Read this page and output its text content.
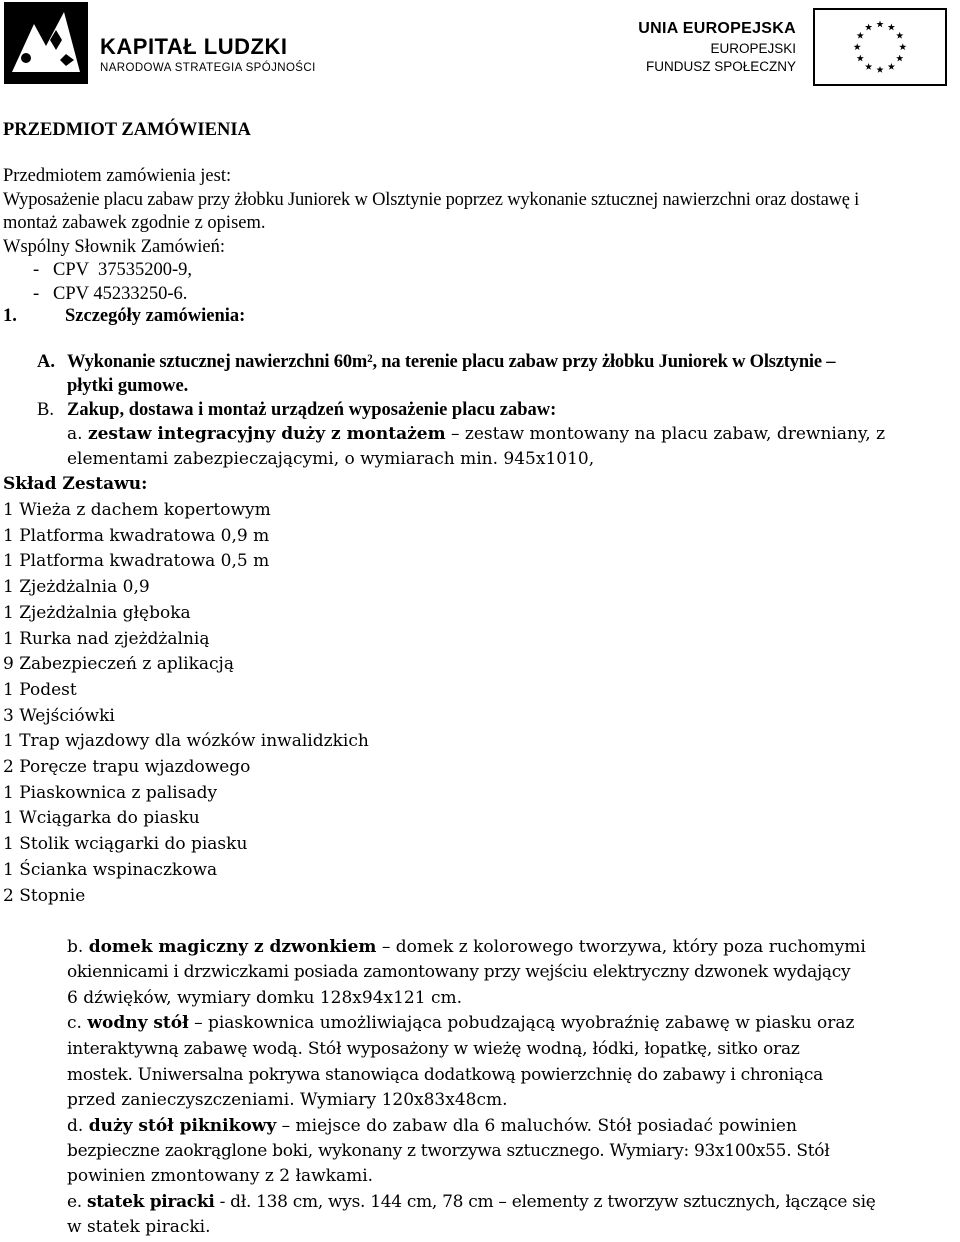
KAPITAŁ LUDZKI
NARODOWA STRATEGIA SPÓJNOŚCI
UNIA EUROPEJSKA
EUROPEJSKI
FUNDUSZ SPOŁECZNY
PRZEDMIOT ZAMÓWIENIA
Przedmiotem zamówienia jest:
Wyposażenie placu zabaw przy żłobku Juniorek w Olsztynie poprzez wykonanie sztucznej nawierzchni oraz dostawę i
montaż zabawek zgodnie z opisem.
Wspólny Słownik Zamówień:
-   CPV  37535200-9,
-   CPV 45233250-6.
1.	Szczegóły zamówienia:
A. Wykonanie sztucznej nawierzchni 60m², na terenie placu zabaw przy żłobku Juniorek w Olsztynie –
płytki gumowe.
B. Zakup, dostawa i montaż urządzeń wyposażenie placu zabaw:
a. zestaw integracyjny duży z montażem – zestaw montowany na placu zabaw, drewniany, z
elementami zabezpieczającymi, o wymiarach min. 945x1010,
Skład Zestawu:
1 Wieża z dachem kopertowym
1 Platforma kwadratowa 0,9 m
1 Platforma kwadratowa 0,5 m
1 Zjeżdżalnia 0,9
1 Zjeżdżalnia głęboka
1 Rurka nad zjeżdżalnią
9 Zabezpieczeń z aplikacją
1 Podest
3 Wejściówki
1 Trap wjazdowy dla wózków inwalidzkich
2 Poręcze trapu wjazdowego
1 Piaskownica z palisady
1 Wciągarka do piasku
1 Stolik wciągarki do piasku
1 Ścianka wspinaczkowa
2 Stopnie
b. domek magiczny z dzwonkiem – domek z kolorowego tworzywa, który poza ruchomymi
okiennicami i drzwiczkami posiada zamontowany przy wejściu elektryczny dzwonek wydający
6 dźwięków, wymiary domku 128x94x121 cm.
c. wodny stół – piaskownica umożliwiająca pobudzającą wyobraźnię zabawę w piasku oraz
interaktywną zabawę wodą. Stół wyposażony w wieżę wodną, łódki, łopatkę, sitko oraz
mostek. Uniwersalna pokrywa stanowiąca dodatkową powierzchnię do zabawy i chroniąca
przed zanieczyszczeniami. Wymiary 120x83x48cm.
d. duży stół piknikowy – miejsce do zabaw dla 6 maluchów. Stół posiadać powinien
bezpieczne zaokrąglone boki, wykonany z tworzywa sztucznego. Wymiary: 93x100x55. Stół
powinien zmontowany z 2 ławkami.
e. statek piracki - dł. 138 cm, wys. 144 cm, 78 cm – elementy z tworzyw sztucznych, łączące się
w statek piracki.
